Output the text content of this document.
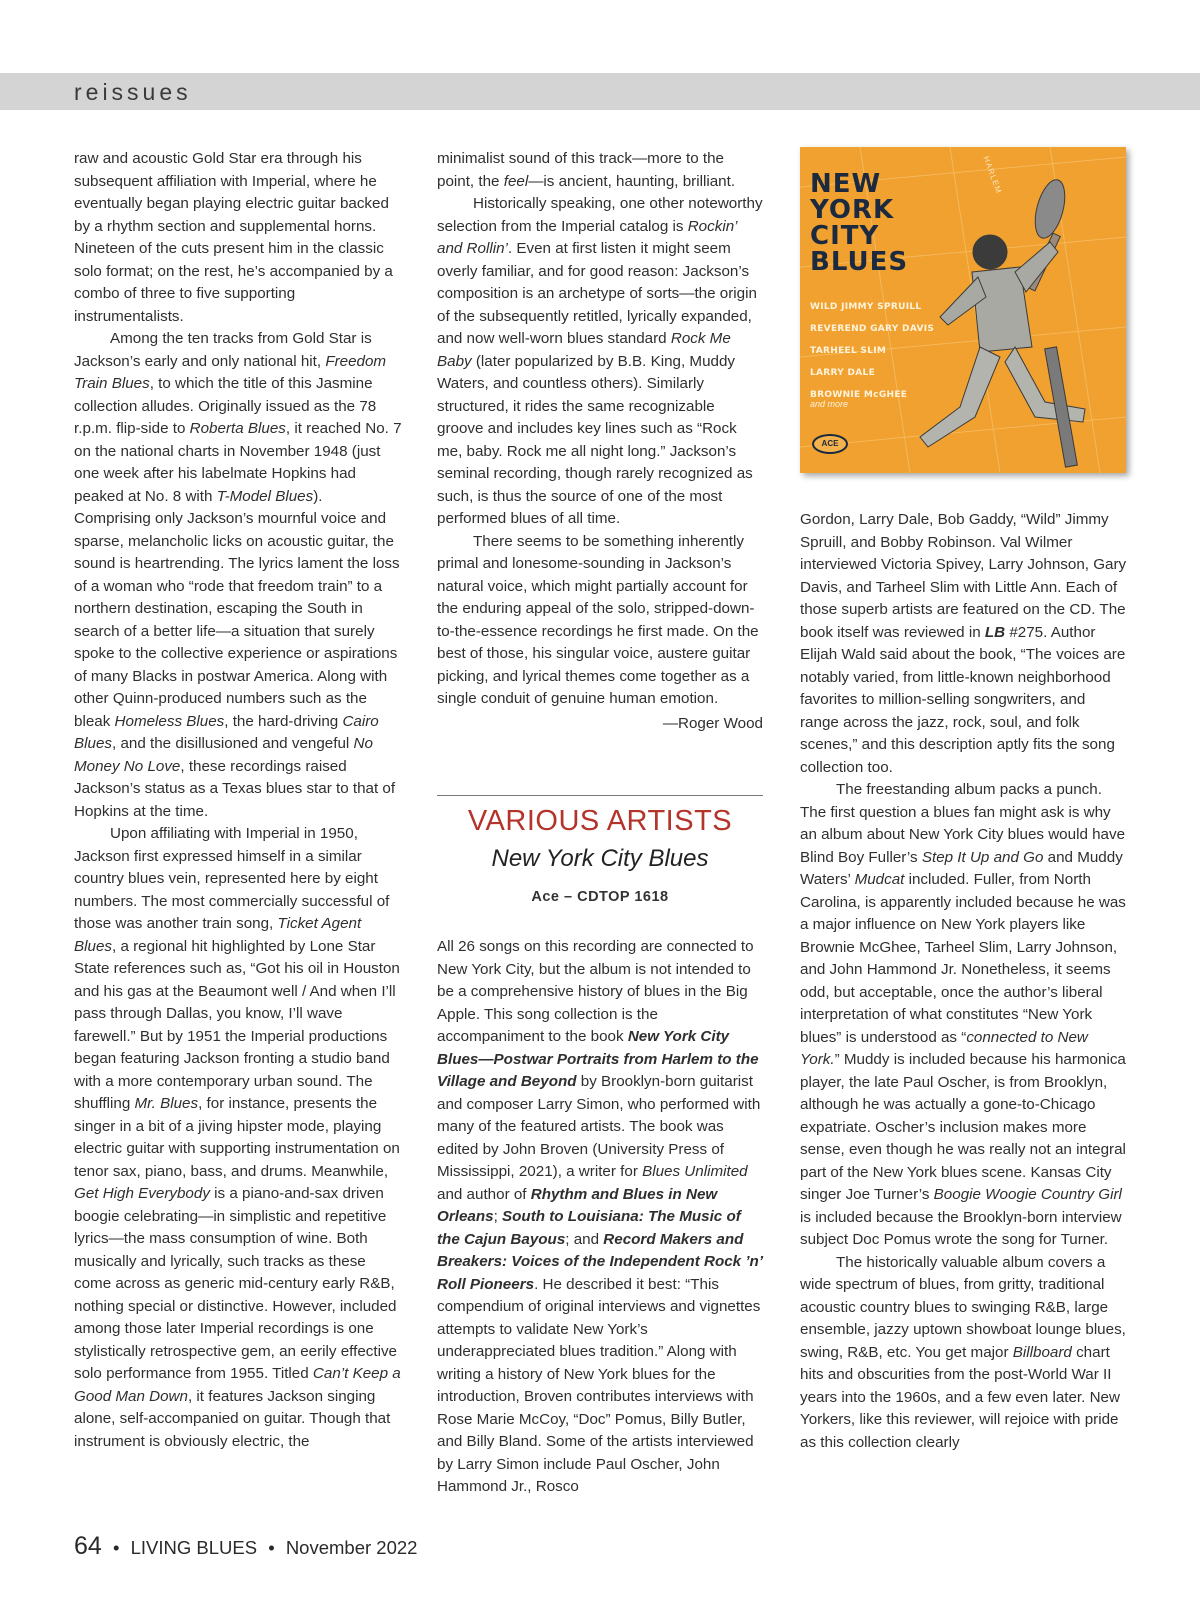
reissues

raw and acoustic Gold Star era through his subsequent affiliation with Imperial, where he eventually began playing electric guitar backed by a rhythm section and supplemental horns. Nineteen of the cuts present him in the classic solo format; on the rest, he’s accompanied by a combo of three to five supporting instrumentalists.

Among the ten tracks from Gold Star is Jackson’s early and only national hit, Freedom Train Blues, to which the title of this Jasmine collection alludes. Originally issued as the 78 r.p.m. flip-side to Roberta Blues, it reached No. 7 on the national charts in November 1948 (just one week after his labelmate Hopkins had peaked at No. 8 with T-Model Blues). Comprising only Jackson’s mournful voice and sparse, melancholic licks on acoustic guitar, the sound is heartrending. The lyrics lament the loss of a woman who “rode that freedom train” to a northern destination, escaping the South in search of a better life—a situation that surely spoke to the collective experience or aspirations of many Blacks in postwar America. Along with other Quinn-produced numbers such as the bleak Homeless Blues, the hard-driving Cairo Blues, and the disillusioned and vengeful No Money No Love, these recordings raised Jackson’s status as a Texas blues star to that of Hopkins at the time.

Upon affiliating with Imperial in 1950, Jackson first expressed himself in a similar country blues vein, represented here by eight numbers. The most commercially successful of those was another train song, Ticket Agent Blues, a regional hit highlighted by Lone Star State references such as, “Got his oil in Houston and his gas at the Beaumont well / And when I’ll pass through Dallas, you know, I’ll wave farewell.” But by 1951 the Imperial productions began featuring Jackson fronting a studio band with a more contemporary urban sound. The shuffling Mr. Blues, for instance, presents the singer in a bit of a jiving hipster mode, playing electric guitar with supporting instrumentation on tenor sax, piano, bass, and drums. Meanwhile, Get High Everybody is a piano-and-sax driven boogie celebrating—in simplistic and repetitive lyrics—the mass consumption of wine. Both musically and lyrically, such tracks as these come across as generic mid-century early R&B, nothing special or distinctive. However, included among those later Imperial recordings is one stylistically retrospective gem, an eerily effective solo performance from 1955. Titled Can’t Keep a Good Man Down, it features Jackson singing alone, self-accompanied on guitar. Though that instrument is obviously electric, the

minimalist sound of this track—more to the point, the feel—is ancient, haunting, brilliant.

Historically speaking, one other noteworthy selection from the Imperial catalog is Rockin’ and Rollin’. Even at first listen it might seem overly familiar, and for good reason: Jackson’s composition is an archetype of sorts—the origin of the subsequently retitled, lyrically expanded, and now well-worn blues standard Rock Me Baby (later popularized by B.B. King, Muddy Waters, and countless others). Similarly structured, it rides the same recognizable groove and includes key lines such as “Rock me, baby. Rock me all night long.” Jackson’s seminal recording, though rarely recognized as such, is thus the source of one of the most performed blues of all time.

There seems to be something inherently primal and lonesome-sounding in Jackson’s natural voice, which might partially account for the enduring appeal of the solo, stripped-down-to-the-essence recordings he first made. On the best of those, his singular voice, austere guitar picking, and lyrical themes come together as a single conduit of genuine human emotion.

—Roger Wood

VARIOUS ARTISTS
New York City Blues
Ace – CDTOP 1618

All 26 songs on this recording are connected to New York City, but the album is not intended to be a comprehensive history of blues in the Big Apple. This song collection is the accompaniment to the book New York City Blues—Postwar Portraits from Harlem to the Village and Beyond by Brooklyn-born guitarist and composer Larry Simon, who performed with many of the featured artists. The book was edited by John Broven (University Press of Mississippi, 2021), a writer for Blues Unlimited and author of Rhythm and Blues in New Orleans; South to Louisiana: The Music of the Cajun Bayous; and Record Makers and Breakers: Voices of the Independent Rock ’n’ Roll Pioneers. He described it best: “This compendium of original interviews and vignettes attempts to validate New York’s underappreciated blues tradition.” Along with writing a history of New York blues for the introduction, Broven contributes interviews with Rose Marie McCoy, “Doc” Pomus, Billy Butler, and Billy Bland. Some of the artists interviewed by Larry Simon include Paul Oscher, John Hammond Jr., Rosco

HARLEM
NEW
YORK
CITY
BLUES
WILD JIMMY SPRUILL
REVEREND GARY DAVIS
TARHEEL SLIM
LARRY DALE
BROWNIE McGHEE
and more
ACE

Gordon, Larry Dale, Bob Gaddy, “Wild” Jimmy Spruill, and Bobby Robinson. Val Wilmer interviewed Victoria Spivey, Larry Johnson, Gary Davis, and Tarheel Slim with Little Ann. Each of those superb artists are featured on the CD. The book itself was reviewed in LB #275. Author Elijah Wald said about the book, “The voices are notably varied, from little-known neighborhood favorites to million-selling songwriters, and range across the jazz, rock, soul, and folk scenes,” and this description aptly fits the song collection too.

The freestanding album packs a punch. The first question a blues fan might ask is why an album about New York City blues would have Blind Boy Fuller’s Step It Up and Go and Muddy Waters’ Mudcat included. Fuller, from North Carolina, is apparently included because he was a major influence on New York players like Brownie McGhee, Tarheel Slim, Larry Johnson, and John Hammond Jr. Nonetheless, it seems odd, but acceptable, once the author’s liberal interpretation of what constitutes “New York blues” is understood as “connected to New York.” Muddy is included because his harmonica player, the late Paul Oscher, is from Brooklyn, although he was actually a gone-to-Chicago expatriate. Oscher’s inclusion makes more sense, even though he was really not an integral part of the New York blues scene. Kansas City singer Joe Turner’s Boogie Woogie Country Girl is included because the Brooklyn-born interview subject Doc Pomus wrote the song for Turner.

The historically valuable album covers a wide spectrum of blues, from gritty, traditional acoustic country blues to swinging R&B, large ensemble, jazzy uptown showboat lounge blues, swing, R&B, etc. You get major Billboard chart hits and obscurities from the post-World War II years into the 1960s, and a few even later. New Yorkers, like this reviewer, will rejoice with pride as this collection clearly

64 • LIVING BLUES • November 2022
